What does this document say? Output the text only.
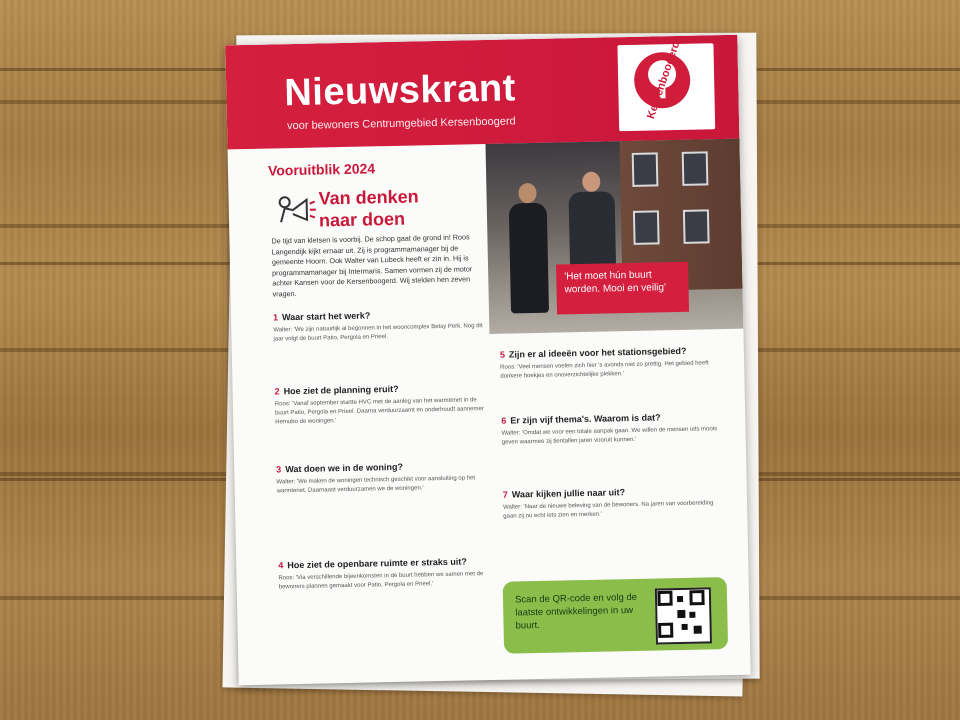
Nieuwskrant
voor bewoners Centrumgebied Kersenboogerd
Kersenboogerd
Vooruitblik 2024
Van denken naar doen
De tijd van kletsen is voorbij. De schop gaat de grond in! Roos Langendijk kijkt ernaar uit. Zij is programmamanager bij de gemeente Hoorn. Ook Walter van Lubeck heeft er zin in. Hij is programmamanager bij Intermaris. Samen vormen zij de motor achter Kansen voor de Kersenboogerd. Wij stelden hen zeven vragen.
'Het moet hún buurt worden. Mooi en veilig'
1 Waar start het werk?
Walter: 'We zijn natuurlijk al begonnen in het wooncomplex Betsy Perk. Nog dit jaar volgt de buurt Patio, Pergola en Prieel.
2 Hoe ziet de planning eruit?
Roos: 'Vanaf september startte HVC met de aanleg van het warmtenet in de buurt Patio, Pergola en Prieel. Daarna verduurzaamt en onderhoudt aannemer Hemubo de woningen.'
3 Wat doen we in de woning?
Walter: 'We maken de woningen technisch geschikt voor aansluiting op het warmtenet. Daarnaast verduurzamen we de woningen.'
4 Hoe ziet de openbare ruimte er straks uit?
Roos: 'Via verschillende bijeenkomsten in de buurt hebben we samen met de bewoners plannen gemaakt voor Patio, Pergola en Prieel.'
5 Zijn er al ideeën voor het stationsgebied?
Roos: 'Veel mensen voelen zich hier 's avonds niet zo prettig. Het gebied heeft donkere hoekjes en onoverzichtelijke plekken.'
6 Er zijn vijf thema's. Waarom is dat?
Walter: 'Omdat we voor een totale aanpak gaan. We willen de mensen iets moois geven waarmee zij tientallen jaren vooruit kunnen.'
7 Waar kijken jullie naar uit?
Walter: 'Naar de nieuwe beleving van de bewoners. Na jaren van voorbereiding gaan zij nu echt iets zien en merken.'
Scan de QR-code en volg de laatste ontwikkelingen in uw buurt.
